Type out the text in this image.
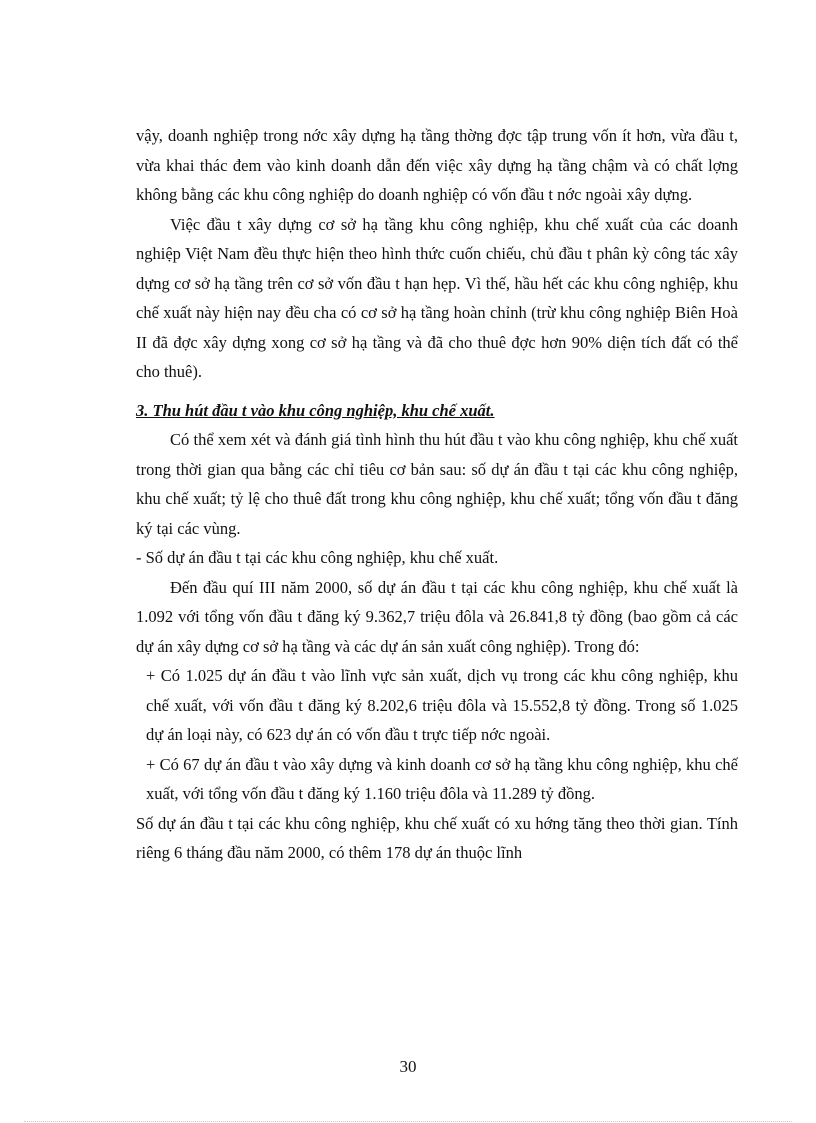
vậy, doanh nghiệp trong nớc xây dựng hạ tầng thờng đợc tập trung vốn ít hơn, vừa đầu t, vừa khai thác đem vào kinh doanh dẫn đến việc xây dựng hạ tầng chậm và có chất lợng không bằng các khu công nghiệp do doanh nghiệp có vốn đầu t nớc ngoài xây dựng.

Việc đầu t xây dựng cơ sở hạ tầng khu công nghiệp, khu chế xuất của các doanh nghiệp Việt Nam đều thực hiện theo hình thức cuốn chiếu, chủ đầu t phân kỳ công tác xây dựng cơ sở hạ tầng trên cơ sở vốn đầu t hạn hẹp. Vì thế, hầu hết các khu công nghiệp, khu chế xuất này hiện nay đều cha có cơ sở hạ tầng hoàn chỉnh (trừ khu công nghiệp Biên Hoà II đã đợc xây dựng xong cơ sở hạ tầng và đã cho thuê đợc hơn 90% diện tích đất có thể cho thuê).

3. Thu hút đầu t vào khu công nghiệp, khu chế xuất.

Có thể xem xét và đánh giá tình hình thu hút đầu t vào khu công nghiệp, khu chế xuất trong thời gian qua bằng các chỉ tiêu cơ bản sau: số dự án đầu t tại các khu công nghiệp, khu chế xuất; tỷ lệ cho thuê đất trong khu công nghiệp, khu chế xuất; tổng vốn đầu t đăng ký tại các vùng.

- Số dự án đầu t tại các khu công nghiệp, khu chế xuất.

Đến đầu quí III năm 2000, số dự án đầu t tại các khu công nghiệp, khu chế xuất là 1.092 với tổng vốn đầu t đăng ký 9.362,7 triệu đôla và 26.841,8 tỷ đồng (bao gồm cả các dự án xây dựng cơ sở hạ tầng và các dự án sản xuất công nghiệp). Trong đó:

+ Có 1.025 dự án đầu t vào lĩnh vực sản xuất, dịch vụ trong các khu công nghiệp, khu chế xuất, với vốn đầu t đăng ký 8.202,6 triệu đôla và 15.552,8 tỷ đồng. Trong số 1.025 dự án loại này, có 623 dự án có vốn đầu t trực tiếp nớc ngoài.

+ Có 67 dự án đầu t vào xây dựng và kinh doanh cơ sở hạ tầng khu công nghiệp, khu chế xuất, với tổng vốn đầu t đăng ký 1.160 triệu đôla và 11.289 tỷ đồng.

Số dự án đầu t tại các khu công nghiệp, khu chế xuất có xu hớng tăng theo thời gian. Tính riêng 6 tháng đầu năm 2000, có thêm 178 dự án thuộc lĩnh

30
